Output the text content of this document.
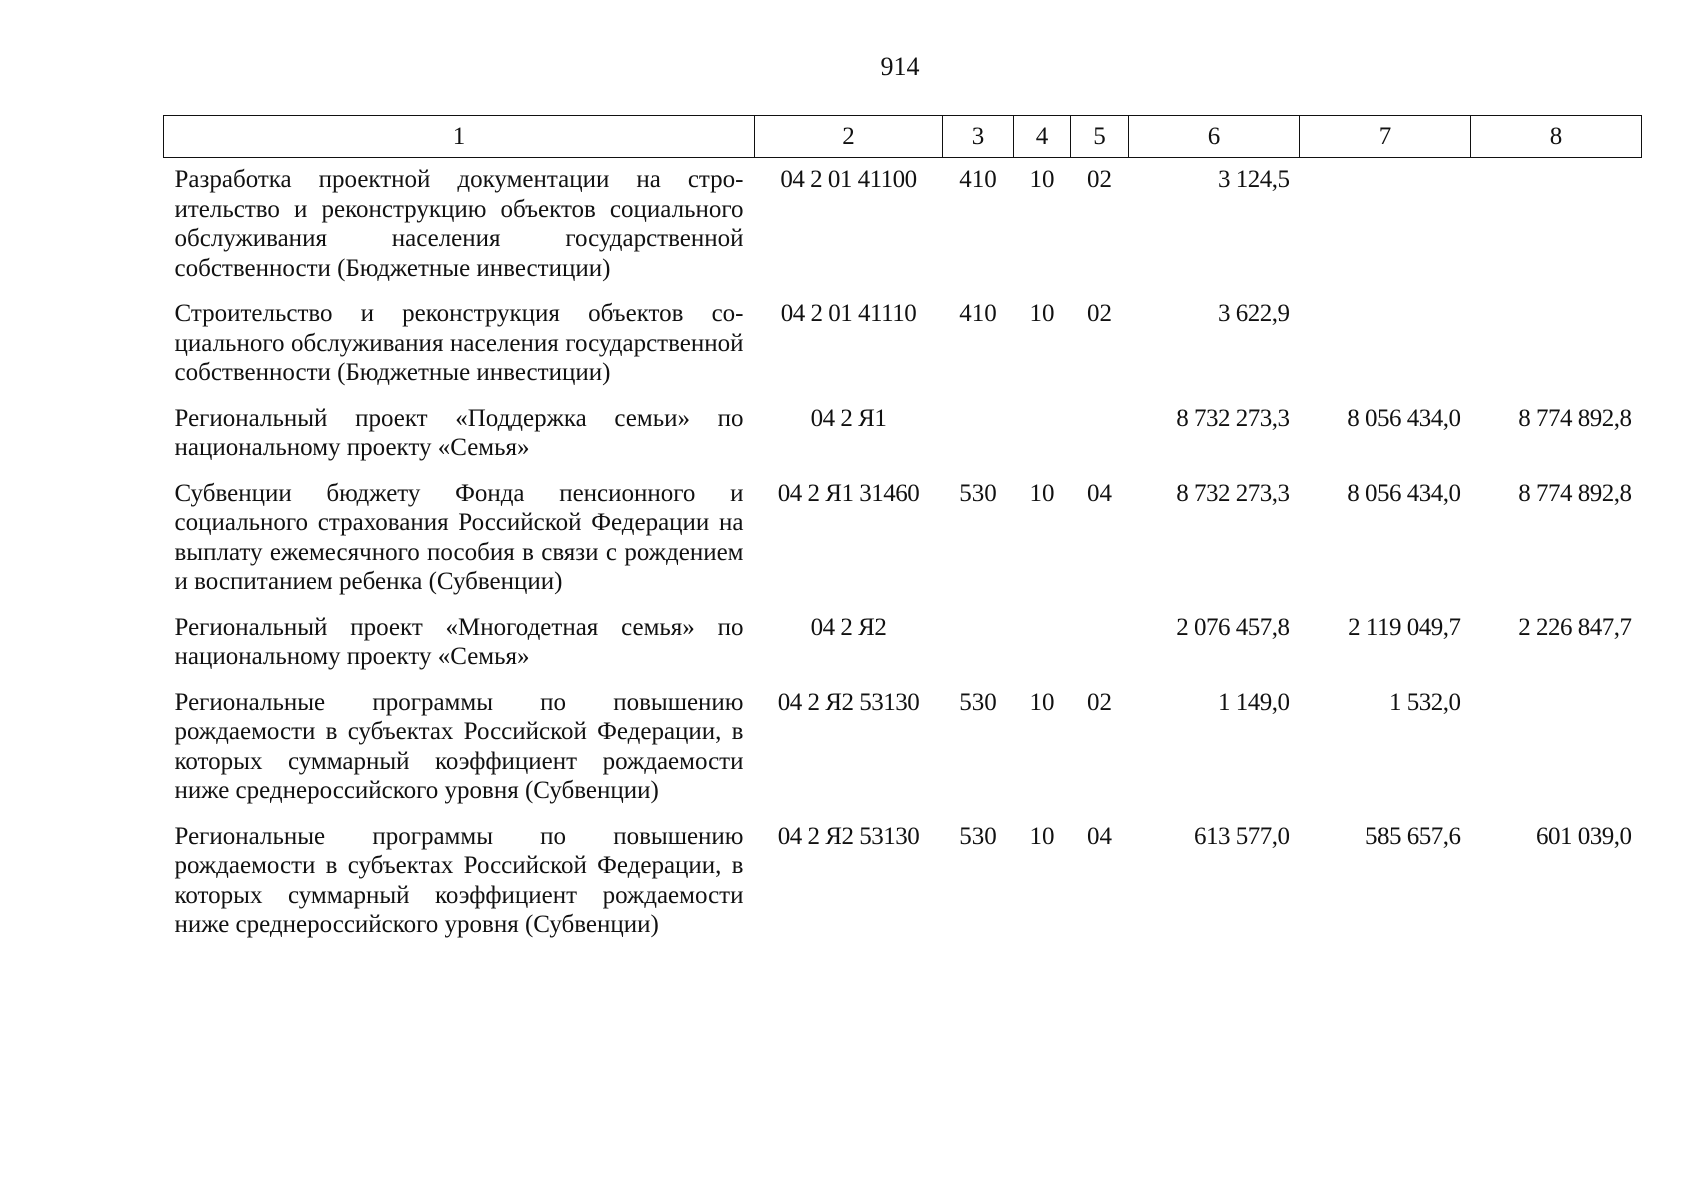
914
1	2	3	4	5	6	7	8
Разработка проектной документации на строительство и реконструкцию объектов социального обслуживания населения государственной собственности (Бюджетные инвестиции)	04 2 01 41100	410	10	02	3 124,5		
Строительство и реконструкция объектов социального обслуживания населения государственной собственности (Бюджетные инвестиции)	04 2 01 41110	410	10	02	3 622,9		
Региональный проект «Поддержка семьи» по национальному проекту «Семья»	04 2 Я1				8 732 273,3	8 056 434,0	8 774 892,8
Субвенции бюджету Фонда пенсионного и социального страхования Российской Федерации на выплату ежемесячного пособия в связи с рождением и воспитанием ребенка (Субвенции)	04 2 Я1 31460	530	10	04	8 732 273,3	8 056 434,0	8 774 892,8
Региональный проект «Многодетная семья» по национальному проекту «Семья»	04 2 Я2				2 076 457,8	2 119 049,7	2 226 847,7
Региональные программы по повышению рождаемости в субъектах Российской Федерации, в которых суммарный коэффициент рождаемости ниже среднероссийского уровня (Субвенции)	04 2 Я2 53130	530	10	02	1 149,0	1 532,0	
Региональные программы по повышению рождаемости в субъектах Российской Федерации, в которых суммарный коэффициент рождаемости ниже среднероссийского уровня (Субвенции)	04 2 Я2 53130	530	10	04	613 577,0	585 657,6	601 039,0
